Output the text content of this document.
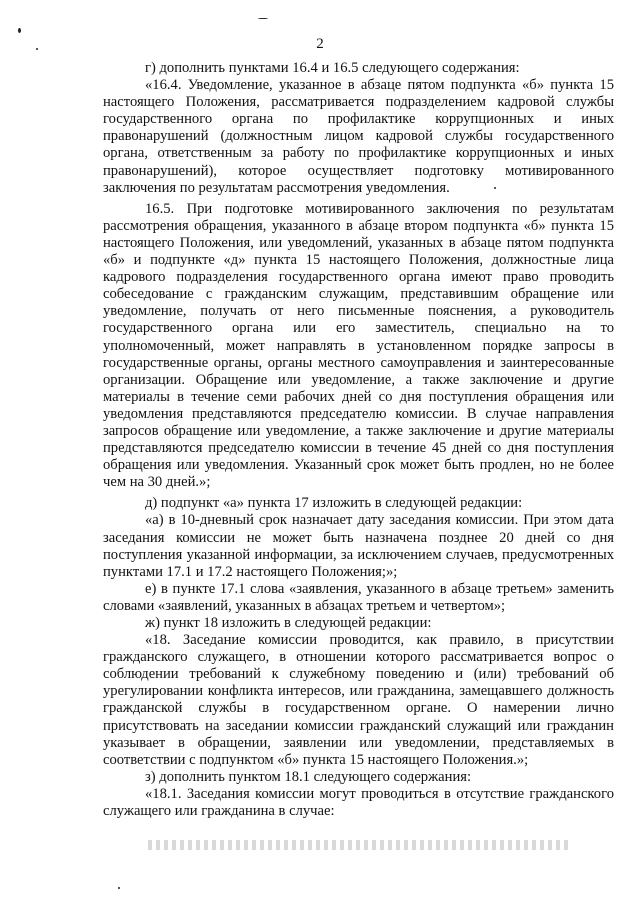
2

г) дополнить пунктами 16.4 и 16.5 следующего содержания:

«16.4. Уведомление, указанное в абзаце пятом подпункта «б» пункта 15 настоящего Положения, рассматривается подразделением кадровой службы государственного органа по профилактике коррупционных и иных правонарушений (должностным лицом кадровой службы государственного органа, ответственным за работу по профилактике коррупционных и иных правонарушений), которое осуществляет подготовку мотивированного заключения по результатам рассмотрения уведомления.

16.5. При подготовке мотивированного заключения по результатам рассмотрения обращения, указанного в абзаце втором подпункта «б» пункта 15 настоящего Положения, или уведомлений, указанных в абзаце пятом подпункта «б» и подпункте «д» пункта 15 настоящего Положения, должностные лица кадрового подразделения государственного органа имеют право проводить собеседование с гражданским служащим, представившим обращение или уведомление, получать от него письменные пояснения, а руководитель государственного органа или его заместитель, специально на то уполномоченный, может направлять в установленном порядке запросы в государственные органы, органы местного самоуправления и заинтересованные организации. Обращение или уведомление, а также заключение и другие материалы в течение семи рабочих дней со дня поступления обращения или уведомления представляются председателю комиссии. В случае направления запросов обращение или уведомление, а также заключение и другие материалы представляются председателю комиссии в течение 45 дней со дня поступления обращения или уведомления. Указанный срок может быть продлен, но не более чем на 30 дней.»;

д) подпункт «а» пункта 17 изложить в следующей редакции:

«а) в 10-дневный срок назначает дату заседания комиссии. При этом дата заседания комиссии не может быть назначена позднее 20 дней со дня поступления указанной информации, за исключением случаев, предусмотренных пунктами 17.1 и 17.2 настоящего Положения;»;

е) в пункте 17.1 слова «заявления, указанного в абзаце третьем» заменить словами «заявлений, указанных в абзацах третьем и четвертом»;

ж) пункт 18 изложить в следующей редакции:

«18. Заседание комиссии проводится, как правило, в присутствии гражданского служащего, в отношении которого рассматривается вопрос о соблюдении требований к служебному поведению и (или) требований об урегулировании конфликта интересов, или гражданина, замещавшего должность гражданской службы в государственном органе. О намерении лично присутствовать на заседании комиссии гражданский служащий или гражданин указывает в обращении, заявлении или уведомлении, представляемых в соответствии с подпунктом «б» пункта 15 настоящего Положения.»;

з) дополнить пунктом 18.1 следующего содержания:

«18.1. Заседания комиссии могут проводиться в отсутствие гражданского служащего или гражданина в случае:
